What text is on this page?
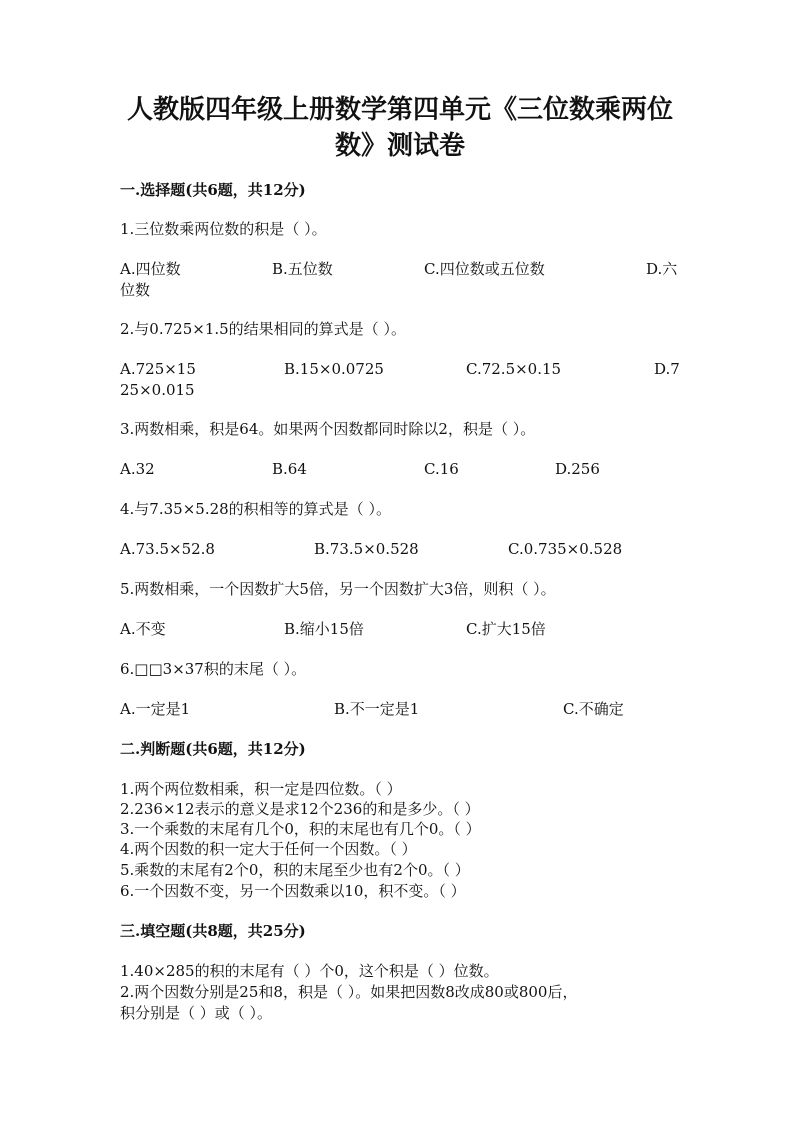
人教版四年级上册数学第四单元《三位数乘两位
数》测试卷
一.选择题(共6题，共12分)
1.三位数乘两位数的积是（ ）。
A.四位数	B.五位数	C.四位数或五位数	D.六
位数
2.与0.725×1.5的结果相同的算式是（ ）。
A.725×15	B.15×0.0725	C.72.5×0.15	D.7
25×0.015
3.两数相乘，积是64。如果两个因数都同时除以2，积是（ ）。
A.32	B.64	C.16	D.256
4.与7.35×5.28的积相等的算式是（ ）。
A.73.5×52.8	B.73.5×0.528	C.0.735×0.528
5.两数相乘，一个因数扩大5倍，另一个因数扩大3倍，则积（ ）。
A.不变	B.缩小15倍	C.扩大15倍
6.□□3×37积的末尾（ ）。
A.一定是1	B.不一定是1	C.不确定
二.判断题(共6题，共12分)
1.两个两位数相乘，积一定是四位数。（ ）
2.236×12表示的意义是求12个236的和是多少。（ ）
3.一个乘数的末尾有几个0，积的末尾也有几个0。（ ）
4.两个因数的积一定大于任何一个因数。（ ）
5.乘数的末尾有2个0，积的末尾至少也有2个0。（ ）
6.一个因数不变，另一个因数乘以10，积不变。（ ）
三.填空题(共8题，共25分)
1.40×285的积的末尾有（ ）个0，这个积是（ ）位数。
2.两个因数分别是25和8，积是（ ）。如果把因数8改成80或800后，
积分别是（ ）或（ ）。
